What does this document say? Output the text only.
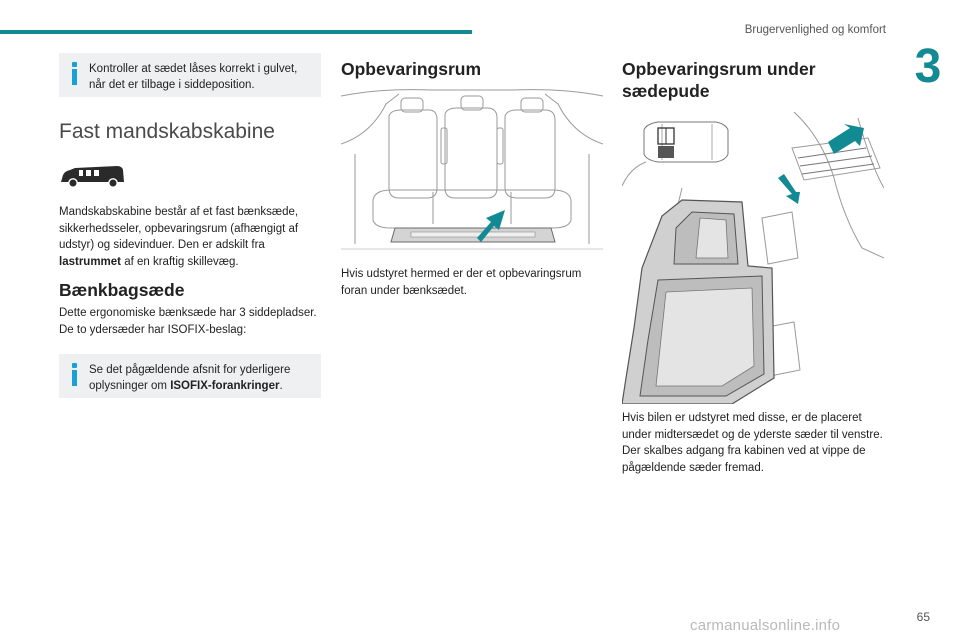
Brugervenlighed og komfort
3
Kontroller at sædet låses korrekt i gulvet, når det er tilbage i siddeposition.
Fast mandskabskabine

Mandskabskabine består af et fast bænksæde, sikkerhedsseler, opbevaringsrum (afhængigt af udstyr) og sidevinduer. Den er adskilt fra lastrummet af en kraftig skillevæg.

Bænkbagsæde

Dette ergonomiske bænksæde har 3 siddepladser.

De to ydersæder har ISOFIX-beslag:

Se det pågældende afsnit for yderligere oplysninger om ISOFIX-forankringer.
Opbevaringsrum
Hvis udstyret hermed er der et opbevaringsrum foran under bænksædet.
Opbevaringsrum under
sædepude

Hvis bilen er udstyret med disse, er de placeret under midtersædet og de yderste sæder til venstre.

Der skalbes adgang fra kabinen ved at vippe de pågældende sæder fremad.

65
carmanualsonline.info
